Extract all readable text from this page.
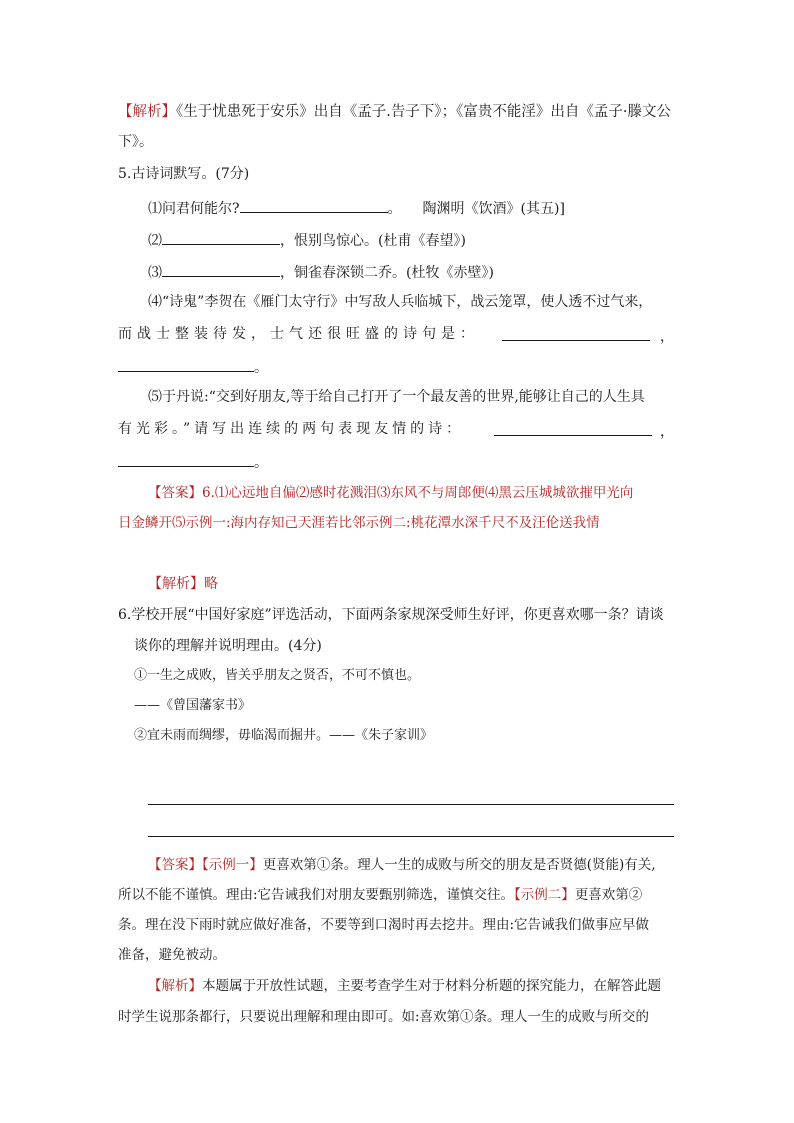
【解析】《生于忧患死于安乐》出自《孟子.告子下》；《富贵不能淫》出自《孟子·滕文公
下》。
5.古诗词默写。(7分)
⑴问君何能尔?	。　　陶渊明《饮酒》(其五)]
⑵	，恨别鸟惊心。(杜甫《春望》)
⑶	，铜雀春深锁二乔。(杜牧《赤壁》)
⑷“诗鬼”李贺在《雁门太守行》中写敌人兵临城下，战云笼罩，使人透不过气来，
而战士整装待发，士气还很旺盛的诗句是：	，
。
⑸于丹说:“交到好朋友,等于给自己打开了一个最友善的世界,能够让自己的人生具
有光彩。”请写出连续的两句表现友情的诗：	，
。
【答案】6.⑴心远地自偏⑵感时花溅泪⑶东风不与周郎便⑷黑云压城城欲摧甲光向
日金鳞开⑸示例一:海内存知己天涯若比邻示例二:桃花潭水深千尺不及汪伦送我情
【解析】略
6.学校开展“中国好家庭”评选活动，下面两条家规深受师生好评，你更喜欢哪一条？请谈
谈你的理解并说明理由。(4分)
①一生之成败，皆关乎朋友之贤否，不可不慎也。
——《曾国藩家书》
②宜未雨而绸缪，毋临渴而掘井。——《朱子家训》
【答案】【示例一】更喜欢第①条。理人一生的成败与所交的朋友是否贤德(贤能)有关,
所以不能不谨慎。理由:它告诫我们对朋友要甄别筛选，谨慎交往。【示例二】更喜欢第②
条。理在没下雨时就应做好准备，不要等到口渴时再去挖井。理由:它告诫我们做事应早做
准备，避免被动。
【解析】本题属于开放性试题，主要考查学生对于材料分析题的探究能力，在解答此题
时学生说那条都行，只要说出理解和理由即可。如:喜欢第①条。理人一生的成败与所交的
